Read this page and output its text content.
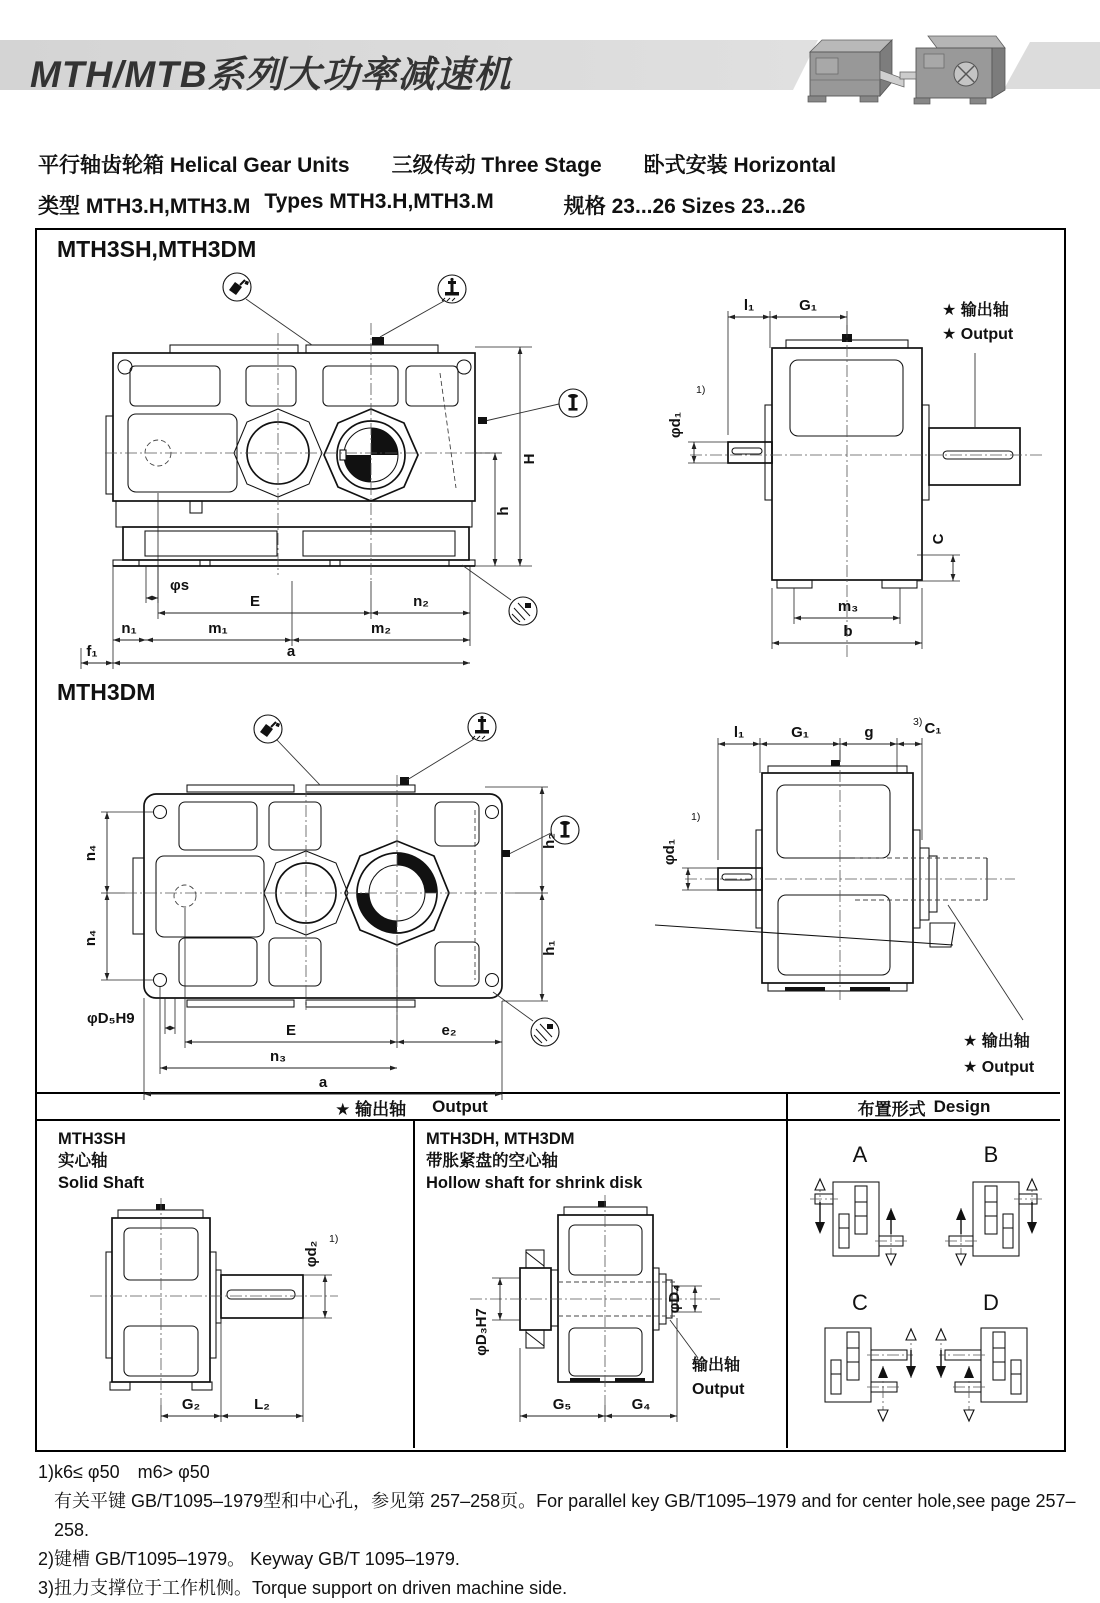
MTH/MTB系列大功率减速机
平行轴齿轮箱 Helical Gear Units 三级传动 Three Stage 卧式安装 Horizontal
类型 MTH3.H,MTH3.M Types MTH3.H,MTH3.M	规格 23...26 Sizes 23...26
MTH3SH,MTH3DM
MTH3DM
φs
E	n₂
n₁	m₁	m₂
f₁	a
H
h
l₁	G₁
φd₁
1)
C
m₃
b
★ 输出轴
★ Output
n₄
n₄
h₂
h₁
φD₅H9
E	e₂
n₃
a
l₁	G₁	g
3) C₁
φd₁
1)
★ 输出轴
★ Output
★ 输出轴 Output	布置形式 Design
MTH3SH
实心轴
Solid Shaft
MTH3DH, MTH3DM
带胀紧盘的空心轴
Hollow shaft for shrink disk
φd₂
1)
G₂	L₂
φD₃H7
φD₄
G₅	G₄
输出轴
Output
A	B
C	D
1)k6≤ φ50　m6> φ50
有关平键 GB/T1095–1979型和中心孔，参见第 257–258页。For parallel key GB/T1095–1979 and for center hole,see page 257–258.
2)键槽 GB/T1095–1979。 Keyway GB/T 1095–1979.
3)扭力支撑位于工作机侧。Torque support on driven machine side.
